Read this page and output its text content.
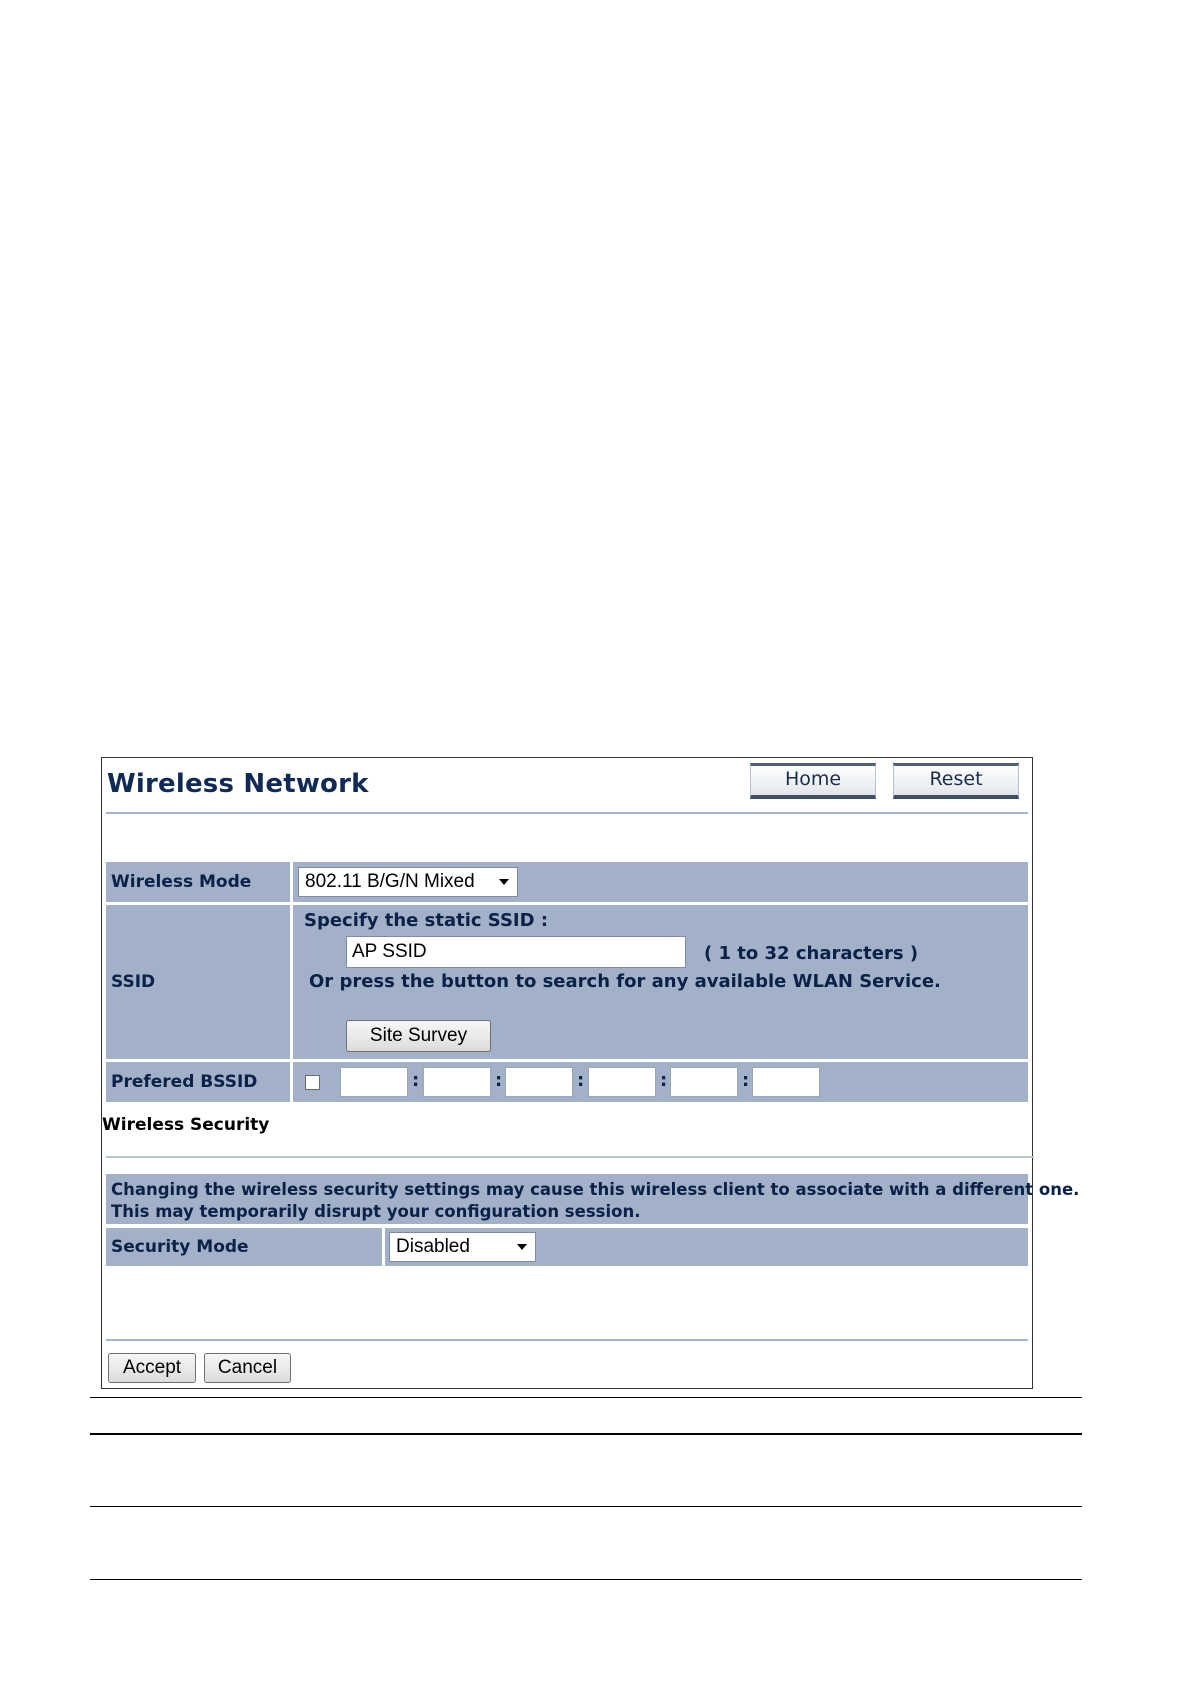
Wireless Network	Home	Reset
Wireless Mode	802.11 B/G/N Mixed
SSID
Specify the static SSID :
AP SSID	( 1 to 32 characters )
Or press the button to search for any available WLAN Service.
Site Survey
Prefered BSSID	:	:	:	:	:
Wireless Security
Changing the wireless security settings may cause this wireless client to associate with a different one.
This may temporarily disrupt your configuration session.
Security Mode	Disabled
Accept	Cancel
